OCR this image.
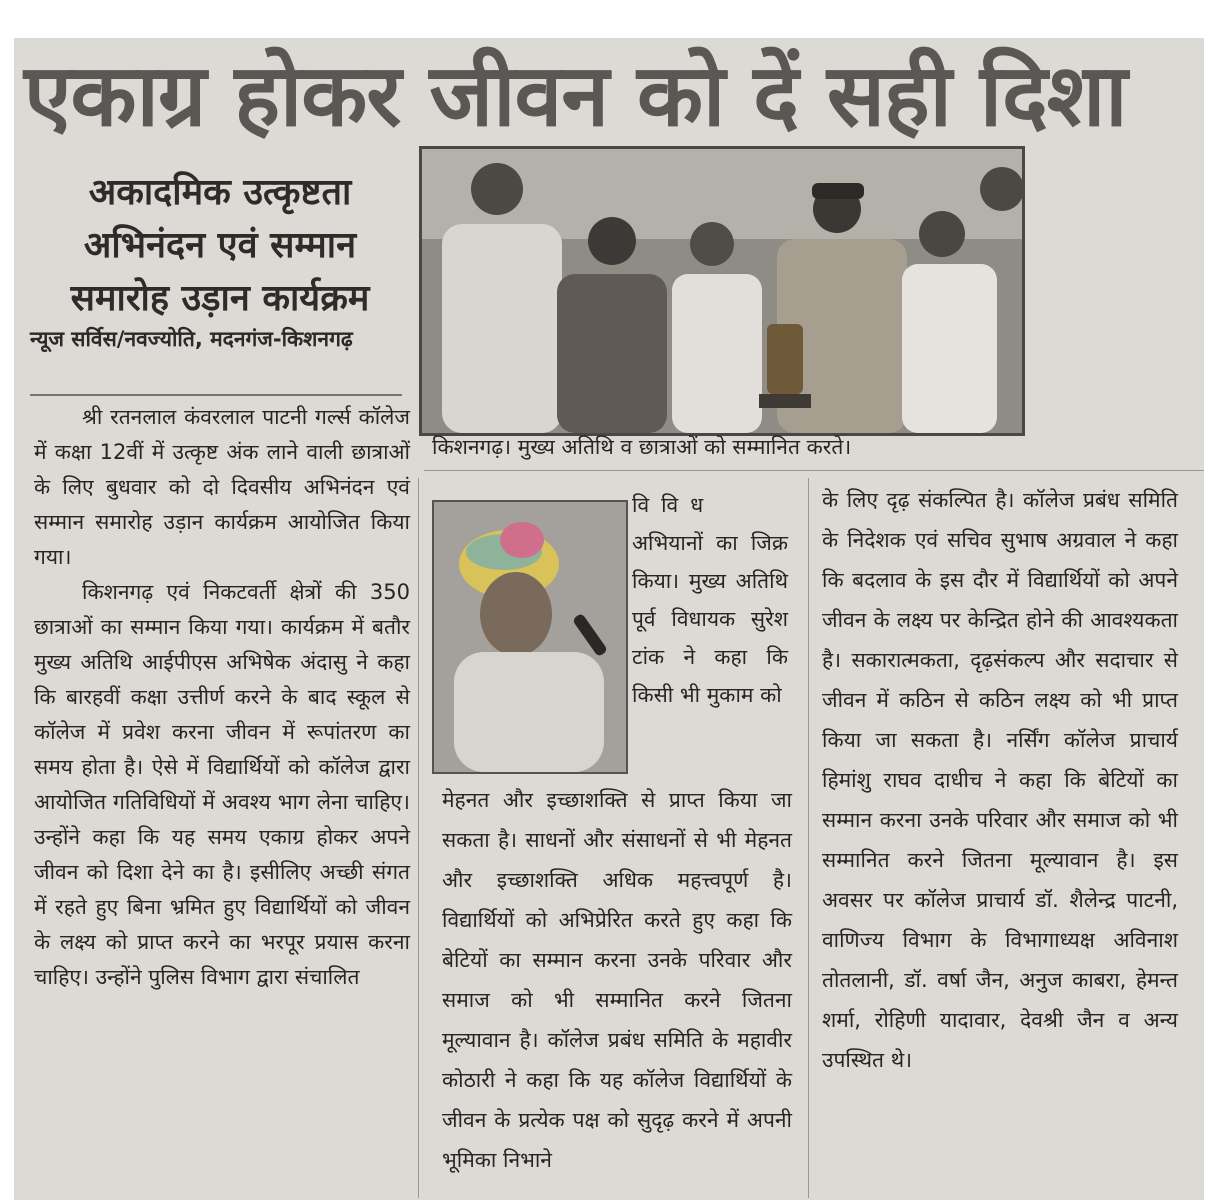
एकाग्र होकर जीवन को दें सही दिशा
अकादमिक उत्कृष्टता
अभिनंदन एवं सम्मान
समारोह उड़ान कार्यक्रम
न्यूज सर्विस/नवज्योति, मदनगंज-किशनगढ़

श्री रतनलाल कंवरलाल पाटनी गर्ल्स कॉलेज में कक्षा 12वीं में उत्कृष्ट अंक लाने वाली छात्राओं के लिए बुधवार को दो दिवसीय अभिनंदन एवं सम्मान समारोह उड़ान कार्यक्रम आयोजित किया गया।

किशनगढ़ एवं निकटवर्ती क्षेत्रों की 350 छात्राओं का सम्मान किया गया। कार्यक्रम में बतौर मुख्य अतिथि आईपीएस अभिषेक अंदासु ने कहा कि बारहवीं कक्षा उत्तीर्ण करने के बाद स्कूल से कॉलेज में प्रवेश करना जीवन में रूपांतरण का समय होता है। ऐसे में विद्यार्थियों को कॉलेज द्वारा आयोजित गतिविधियों में अवश्य भाग लेना चाहिए। उन्होंने कहा कि यह समय एकाग्र होकर अपने जीवन को दिशा देने का है। इसीलिए अच्छी संगत में रहते हुए बिना भ्रमित हुए विद्यार्थियों को जीवन के लक्ष्य को प्राप्त करने का भरपूर प्रयास करना चाहिए। उन्होंने पुलिस विभाग द्वारा संचालित

किशनगढ़। मुख्य अतिथि व छात्राओं को सम्मानित करते।
विविध
अभियानों का जिक्र किया। मुख्य अतिथि पूर्व विधायक सुरेश टांक ने कहा कि किसी भी मुकाम को
मेहनत और इच्छाशक्ति से प्राप्त किया जा सकता है। साधनों और संसाधनों से भी मेहनत और इच्छाशक्ति अधिक महत्त्वपूर्ण है। विद्यार्थियों को अभिप्रेरित करते हुए कहा कि बेटियों का सम्मान करना उनके परिवार और समाज को भी सम्मानित करने जितना मूल्यावान है। कॉलेज प्रबंध समिति के महावीर कोठारी ने कहा कि यह कॉलेज विद्यार्थियों के जीवन के प्रत्येक पक्ष को सुदृढ़ करने में अपनी भूमिका निभाने
के लिए दृढ़ संकल्पित है। कॉलेज प्रबंध समिति के निदेशक एवं सचिव सुभाष अग्रवाल ने कहा कि बदलाव के इस दौर में विद्यार्थियों को अपने जीवन के लक्ष्य पर केन्द्रित होने की आवश्यकता है। सकारात्मकता, दृढ़संकल्प और सदाचार से जीवन में कठिन से कठिन लक्ष्य को भी प्राप्त किया जा सकता है। नर्सिंग कॉलेज प्राचार्य हिमांशु राघव दाधीच ने कहा कि बेटियों का सम्मान करना उनके परिवार और समाज को भी सम्मानित करने जितना मूल्यावान है। इस अवसर पर कॉलेज प्राचार्य डॉ. शैलेन्द्र पाटनी, वाणिज्य विभाग के विभागाध्यक्ष अविनाश तोतलानी, डॉ. वर्षा जैन, अनुज काबरा, हेमन्त शर्मा, रोहिणी यादावार, देवश्री जैन व अन्य उपस्थित थे।
